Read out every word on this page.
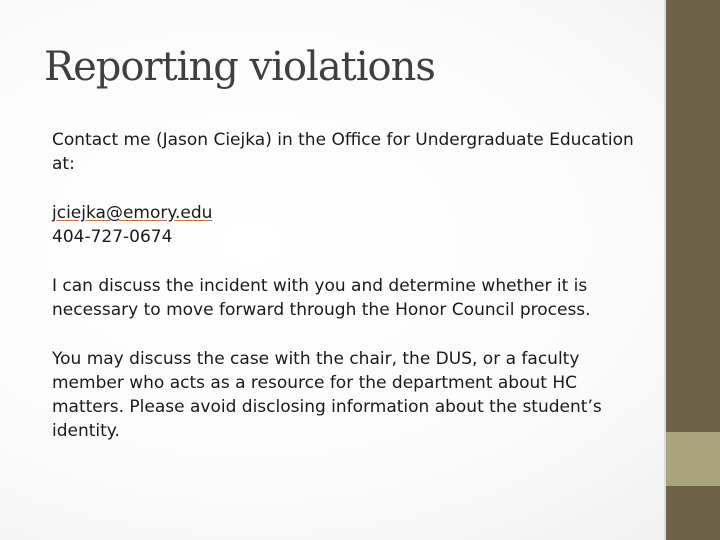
Reporting violations

Contact me (Jason Ciejka) in the Office for Undergraduate Education at:

jciejka@emory.edu

404-727-0674

I can discuss the incident with you and determine whether it is necessary to move forward through the Honor Council process.

You may discuss the case with the chair, the DUS, or a faculty member who acts as a resource for the department about HC matters. Please avoid disclosing information about the student’s identity.
